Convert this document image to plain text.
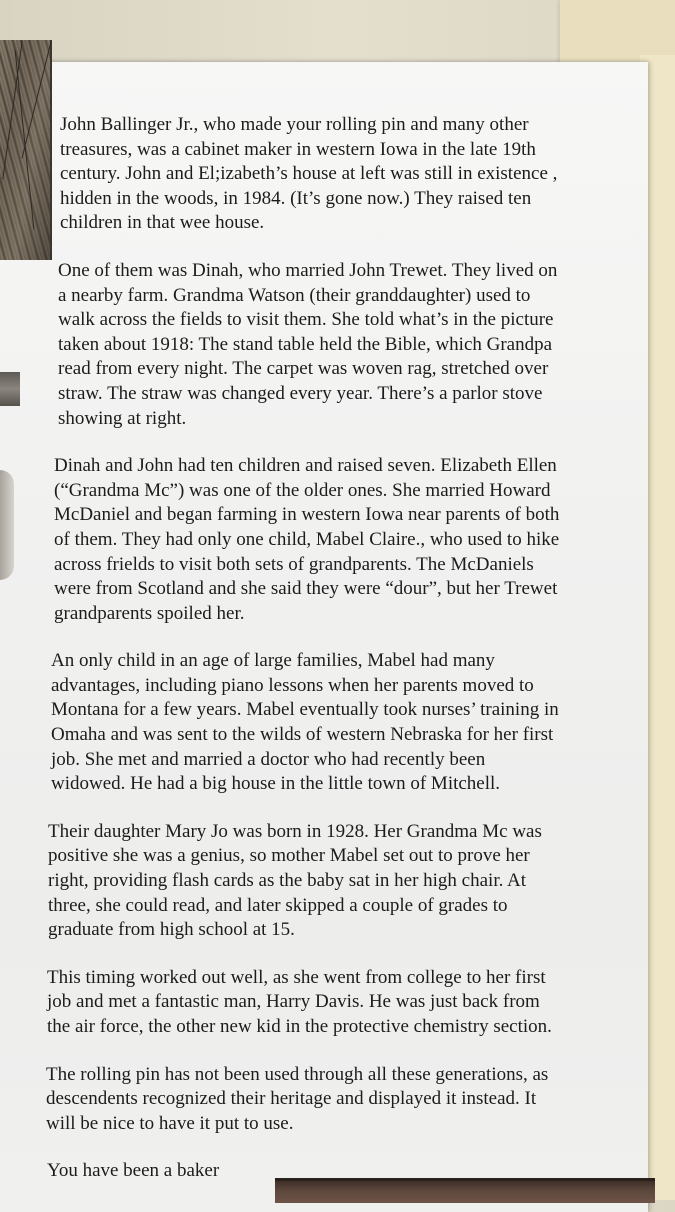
John Ballinger Jr., who made your rolling pin and many other
treasures, was a cabinet maker in western Iowa in the late 19th
century. John and El;izabeth’s house at left was still in existence ,
hidden in the woods, in 1984. (It’s gone now.) They raised ten
children in that wee house.

One of them was Dinah, who married John Trewet. They lived on
a nearby farm. Grandma Watson (their granddaughter) used to
walk across the fields to visit them. She told what’s in the picture
taken about 1918: The stand table held the Bible, which Grandpa
read from every night. The carpet was woven rag, stretched over
straw. The straw was changed every year. There’s a parlor stove
showing at right.

Dinah and John had ten children and raised seven. Elizabeth Ellen
(“Grandma Mc”) was one of the older ones. She married Howard
McDaniel and began farming in western Iowa near parents of both
of them. They had only one child, Mabel Claire., who used to hike
across frields to visit both sets of grandparents. The McDaniels
were from Scotland and she said they were “dour”, but her Trewet
grandparents spoiled her.

An only child in an age of large families, Mabel had many
advantages, including piano lessons when her parents moved to
Montana for a few years. Mabel eventually took nurses’ training in
Omaha and was sent to the wilds of western Nebraska for her first
job. She met and married a doctor who had recently been
widowed. He had a big house in the little town of Mitchell.

Their daughter Mary Jo was born in 1928. Her Grandma Mc was
positive she was a genius, so mother Mabel set out to prove her
right, providing flash cards as the baby sat in her high chair. At
three, she could read, and later skipped a couple of grades to
graduate from high school at 15.

This timing worked out well, as she went from college to her first
job and met a fantastic man, Harry Davis. He was just back from
the air force, the other new kid in the protective chemistry section.

The rolling pin has not been used through all these generations, as
descendents recognized their heritage and displayed it instead. It
will be nice to have it put to use.

You have been a baker
